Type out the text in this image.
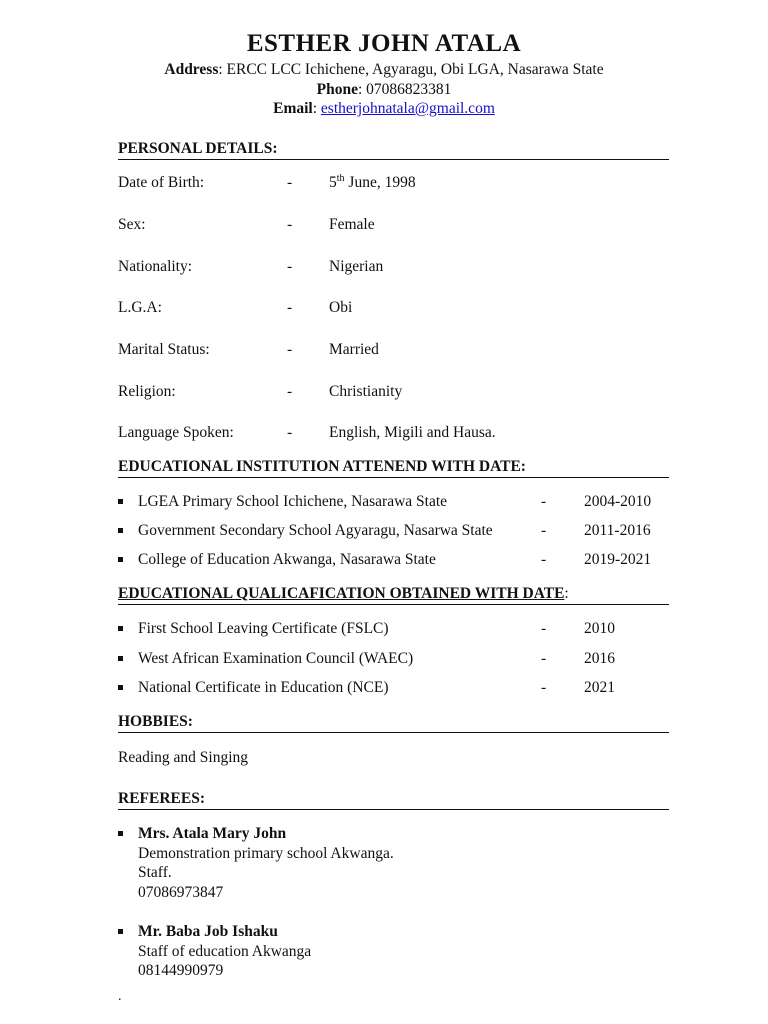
ESTHER JOHN ATALA
Address: ERCC LCC Ichichene, Agyaragu, Obi LGA, Nasarawa State
Phone: 07086823381
Email: estherjohnatala@gmail.com
PERSONAL DETAILS:
Date of Birth:	- 5th June, 1998
Sex:	- Female
Nationality:	- Nigerian
L.G.A:	- Obi
Marital Status:	- Married
Religion:	- Christianity
Language Spoken:	- English, Migili and Hausa.
EDUCATIONAL INSTITUTION ATTENEND WITH DATE:
LGEA Primary School Ichichene, Nasarawa State	- 2004-2010
Government Secondary School Agyaragu, Nasarwa State	- 2011-2016
College of Education Akwanga, Nasarawa State	- 2019-2021
EDUCATIONAL QUALICAFICATION OBTAINED WITH DATE:
First School Leaving Certificate (FSLC)	- 2010
West African Examination Council (WAEC)	- 2016
National Certificate in Education (NCE)	- 2021
HOBBIES:
Reading and Singing
REFEREES:
Mrs. Atala Mary John
Demonstration primary school Akwanga.
Staff.
07086973847
Mr. Baba Job Ishaku
Staff of education Akwanga
08144990979
.
